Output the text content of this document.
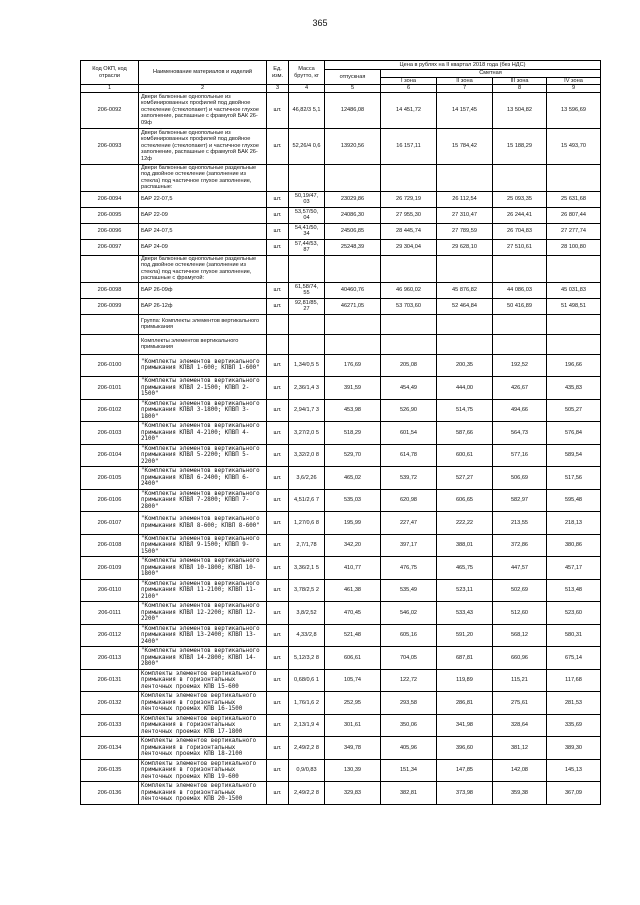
365
Код ОКП, код отрасли	Наименование материалов и изделий	Ед. изм.	Масса брутто, кг	Цена в рублях на II квартал 2018 года (без НДС)				
				отпускная	Сметная			
					I зона	II зона	III зона	IV зона

1	2	3	4	5	6	7	8	9
206-0092	Двери балконные однопольные из комбинированных профилей под двойное остекление (стеклопакет) и частичное глухое заполнение, распашные с фрамугой БАК 26-09ф	шт.	46,82/3 5,1	12486,08	14 451,72	14 157,45	13 504,82	13 596,69
206-0093	Двери балконные однопольные из комбинированных профилей под двойное остекление (стеклопакет) и частичное глухое заполнение, распашные с фрамугой БАК 26-12ф	шт.	52,26/4 0,6	13920,56	16 157,11	15 784,42	15 188,29	15 493,70
	Двери балконные однопольные раздельные под двойное остекление (заполнение из стекла) под частичное глухое заполнение, распашные:							
206-0094	БАР 22-07,5	шт.	50,19/47, 03	23029,86	26 729,19	26 112,54	25 093,35	25 631,68
206-0095	БАР 22-09	шт.	53,57/50, 04	24086,30	27 955,30	27 310,47	26 244,41	26 807,44
206-0096	БАР 24-07,5	шт.	54,41/50, 34	24506,85	28 445,74	27 789,59	26 704,83	27 277,74
206-0097	БАР 24-09	шт.	57,44/53, 87	25248,39	29 304,04	29 628,10	27 510,61	28 100,80
	Двери балконные однопольные раздельные под двойное остекление (заполнение из стекла) под частичное глухое заполнение, распашные с фрамугой:							
206-0098	БАР 26-09ф	шт.	61,58/74, 55	40460,76	46 960,02	45 876,82	44 086,03	45 031,83
206-0099	БАР 26-12ф	шт.	92,81/85, 27	46271,05	53 703,60	52 464,84	50 416,89	51 498,51
	Группа: Комплекты элементов вертикального примыкания							
	Комплекты элементов вертикального примыкания							
206-0100	"Комплекты элементов вертикального примыкания КПВЛ 1-600; КПВП 1-600"	шт.	1,34/0,5 5	176,69	205,08	200,35	192,52	196,66
206-0101	"Комплекты элементов вертикального примыкания КПВЛ 2-1500; КПВП 2-1500"	шт.	2,36/1,4 3	391,59	454,49	444,00	426,67	435,83
206-0102	"Комплекты элементов вертикального примыкания КПВЛ 3-1800; КПВП 3-1800"	шт.	2,94/1,7 3	453,98	526,90	514,75	494,66	505,27
206-0103	"Комплекты элементов вертикального примыкания КПВЛ 4-2100; КПВП 4-2100"	шт.	3,27/2,0 5	518,29	601,54	587,66	564,73	576,84
206-0104	"Комплекты элементов вертикального примыкания КПВЛ 5-2200; КПВП 5-2200"	шт.	3,32/2,0 8	529,70	614,78	600,61	577,16	589,54
206-0105	"Комплекты элементов вертикального примыкания КПВЛ 6-2400; КПВП 6-2400"	шт.	3,6/2,26	465,02	539,72	527,27	506,69	517,56
206-0106	"Комплекты элементов вертикального примыкания КПВЛ 7-2800; КПВП 7-2800"	шт.	4,51/2,6 7	535,03	620,98	606,65	582,97	595,48
206-0107	"Комплекты элементов вертикального примыкания КПВЛ 8-600; КПВП 8-600"	шт.	1,27/0,6 8	195,99	227,47	222,22	213,55	218,13
206-0108	"Комплекты элементов вертикального примыкания КПВЛ 9-1500; КПВП 9-1500"	шт.	2,7/1,78	342,20	397,17	388,01	372,86	380,86
206-0109	"Комплекты элементов вертикального примыкания КПВЛ 10-1800; КПВП 10-1800"	шт.	3,36/2,1 5	410,77	476,75	465,75	447,57	457,17
206-0110	"Комплекты элементов вертикального примыкания КПВЛ 11-2100; КПВП 11-2100"	шт.	3,78/2,5 2	461,38	535,49	523,11	502,69	513,48
206-0111	"Комплекты элементов вертикального примыкания КПВЛ 12-2200; КПВП 12-2200"	шт.	3,8/2,52	470,45	546,02	533,43	512,60	523,60
206-0112	"Комплекты элементов вертикального примыкания КПВЛ 13-2400; КПВП 13-2400"	шт.	4,33/2,8	521,48	605,16	591,20	568,12	580,31
206-0113	"Комплекты элементов вертикального примыкания КПВЛ 14-2800; КПВП 14-2800"	шт.	5,12/3,2 8	606,61	704,05	687,81	660,96	675,14
206-0131	Комплекты элементов вертикального примыкания в горизонтальных ленточных проемах КПВ 15-600	шт.	0,68/0,6 1	105,74	122,72	119,89	115,21	117,68
206-0132	Комплекты элементов вертикального примыкания в горизонтальных ленточных проемах КПВ 16-1500	шт.	1,76/1,6 2	252,95	293,58	286,81	275,61	281,53
206-0133	Комплекты элементов вертикального примыкания в горизонтальных ленточных проемах КПВ 17-1800	шт.	2,13/1,9 4	301,61	350,06	341,98	328,64	335,69
206-0134	Комплекты элементов вертикального примыкания в горизонтальных ленточных проемах КПВ 18-2100	шт.	2,49/2,2 8	349,78	405,96	396,60	381,12	389,30
206-0135	Комплекты элементов вертикального примыкания в горизонтальных ленточных проемах КПВ 19-600	шт.	0,9/0,83	130,39	151,34	147,85	142,08	145,13
206-0136	Комплекты элементов вертикального примыкания в горизонтальных ленточных проемах КПВ 20-1500	шт.	2,49/2,2 8	329,83	382,81	373,98	359,38	367,09
